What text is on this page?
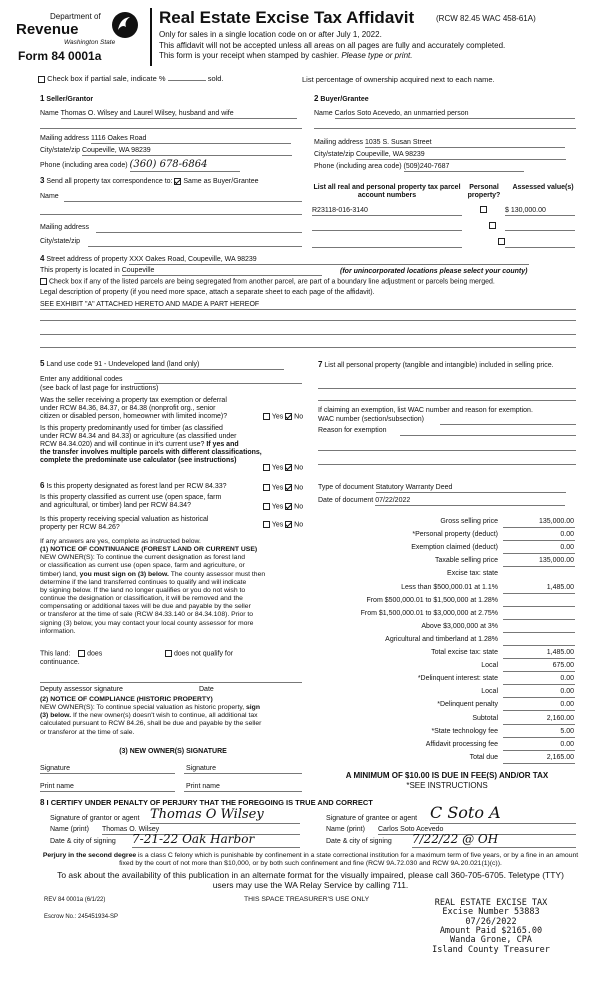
Department of
Revenue
Washington State
Form 84 0001a
Real Estate Excise Tax Affidavit	(RCW 82.45 WAC 458-61A)
Only for sales in a single location code on or after July 1, 2022.
This affidavit will not be accepted unless all areas on all pages are fully and accurately completed.
This form is your receipt when stamped by cashier. Please type or print.
Check box if partial sale, indicate %	sold.	List percentage of ownership acquired next to each name.
1 Seller/Grantor
Name Thomas O. Wilsey and Laurel Wilsey, husband and wife
Mailing address 1116 Oakes Road
City/state/zip Coupeville, WA 98239
Phone (including area code) (360) 678-6864
2 Buyer/Grantee
Name Carlos Soto Acevedo, an unmarried person
Mailing address 1035 S. Susan Street
City/state/zip Coupeville, WA 98239
Phone (including area code) (509)240-7687
3 Send all property tax correspondence to: Same as Buyer/Grantee
Name
Mailing address
City/state/zip
List all real and personal property tax parcel account numbers
Personal property?
Assessed value(s)
R23118-016-3140
	$ 130,000.00

4 Street address of property XXX Oakes Road, Coupeville, WA 98239
This property is located in Coupeville	(for unincorporated locations please select your county)
Check box if any of the listed parcels are being segregated from another parcel, are part of a boundary line adjustment or parcels being merged.
Legal description of property (if you need more space, attach a separate sheet to each page of the affidavit).
SEE EXHIBIT "A" ATTACHED HERETO AND MADE A PART HEREOF
5 Land use code 91 - Undeveloped land (land only)
Enter any additional codes
(see back of last page for instructions)
Was the seller receiving a property tax exemption or deferral
under RCW 84.36, 84.37, or 84.38 (nonprofit org., senior
citizen or disabled person, homeowner with limited income)?	Yes No
Is this property predominantly used for timber (as classified
under RCW 84.34 and 84.33) or agriculture (as classified under
RCW 84.34.020) and will continue in it's current use? If yes and
the transfer involves multiple parcels with different classifications,
complete the predominate use calculator (see instructions)
Yes No
7 List all personal property (tangible and intangible) included in selling price.
If claiming an exemption, list WAC number and reason for exemption.
WAC number (section/subsection)
Reason for exemption
6 Is this property designated as forest land per RCW 84.33?	Yes No
Is this property classified as current use (open space, farm
and agricultural, or timber) land per RCW 84.34?	Yes No
Is this property receiving special valuation as historical
property per RCW 84.26?	Yes No
If any answers are yes, complete as instructed below.
(1) NOTICE OF CONTINUANCE (FOREST LAND OR CURRENT USE)
NEW OWNER(S): To continue the current designation as forest land
or classification as current use (open space, farm and agriculture, or
timber) land, you must sign on (3) below. The county assessor must then
determine if the land transferred continues to qualify and will indicate
by signing below. If the land no longer qualifies or you do not wish to
continue the designation or classification, it will be removed and the
compensating or additional taxes will be due and payable by the seller
or transferor at the time of sale (RCW 84.33.140 or 84.34.108). Prior to
signing (3) below, you may contact your local county assessor for more
information.
This land: does	does not qualify for
continuance.
Deputy assessor signature	Date
(2) NOTICE OF COMPLIANCE (HISTORIC PROPERTY)
NEW OWNER(S): To continue special valuation as historic property, sign
(3) below. If the new owner(s) doesn't wish to continue, all additional tax
calculated pursuant to RCW 84.26, shall be due and payable by the seller
or transferor at the time of sale.
(3) NEW OWNER(S) SIGNATURE
Signature	Signature
Print name	Print name
Type of document Statutory Warranty Deed
Date of document 07/22/2022
Gross selling price	135,000.00
*Personal property (deduct)	0.00
Exemption claimed (deduct)	0.00
Taxable selling price	135,000.00
Excise tax: state
Less than $500,000.01 at 1.1%	1,485.00
From $500,000.01 to $1,500,000 at 1.28%
From $1,500,000.01 to $3,000,000 at 2.75%
Above $3,000,000 at 3%
Agricultural and timberland at 1.28%
Total excise tax: state	1,485.00
Local	675.00
*Delinquent interest: state	0.00
Local	0.00
*Delinquent penalty	0.00
Subtotal	2,160.00
*State technology fee	5.00
Affidavit processing fee	0.00
Total due	2,165.00
A MINIMUM OF $10.00 IS DUE IN FEE(S) AND/OR TAX
*SEE INSTRUCTIONS
8 I CERTIFY UNDER PENALTY OF PERJURY THAT THE FOREGOING IS TRUE AND CORRECT
Signature of grantor or agent Thomas O Wilsey
Name (print) Thomas O. Wilsey
Date & city of signing 7-21-22 Oak Harbor
Signature of grantee or agent C Soto A
Name (print) Carlos Soto Acevedo
Date & city of signing 7/22/22 @ OH
Perjury in the second degree is a class C felony which is punishable by confinement in a state correctional institution for a maximum term of five years, or by a fine in an amount fixed by the court of not more than $10,000, or by both such confinement and fine (RCW 9A.72.030 and RCW 9A.20.021(1)(c)).
To ask about the availability of this publication in an alternate format for the visually impaired, please call 360-705-6705. Teletype (TTY) users may use the WA Relay Service by calling 711.
REV 84 0001a (6/1/22)	THIS SPACE TREASURER'S USE ONLY
Escrow No.: 245451934-SP
REAL ESTATE EXCISE TAX
Excise Number 53883
07/26/2022
Amount Paid $2165.00
Wanda Grone, CPA
Island County Treasurer
